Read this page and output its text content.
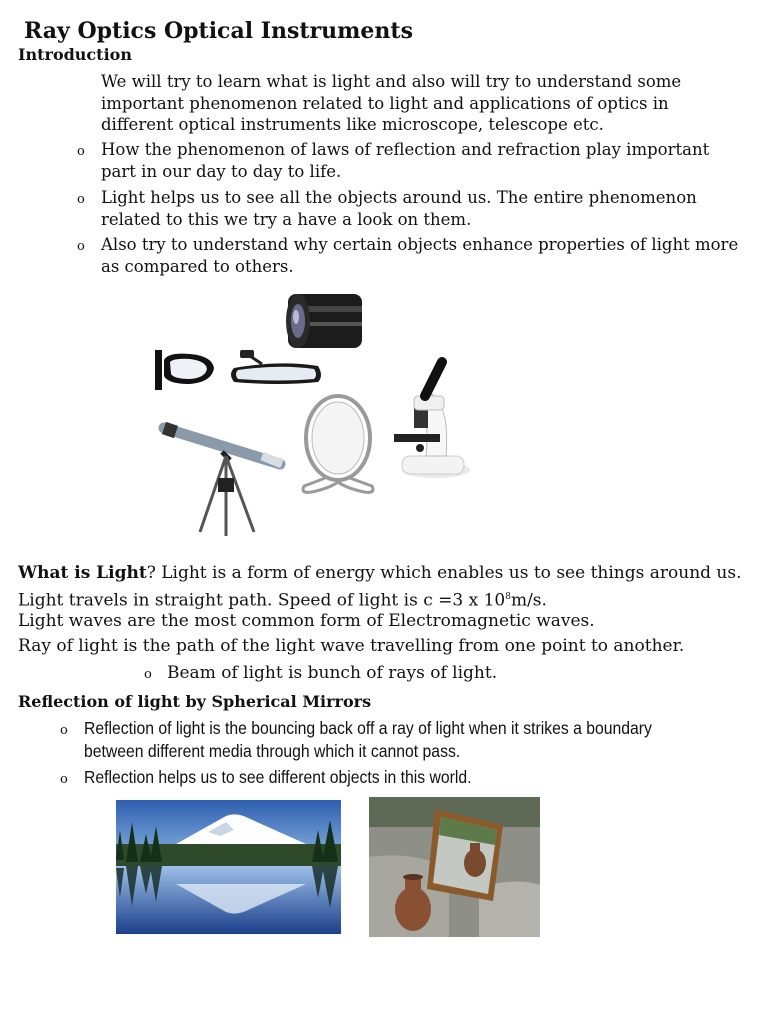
Ray Optics Optical Instruments
Introduction
We will try to learn what is light and also will try to understand some
important phenomenon related to light and applications of optics in
different optical instruments like microscope, telescope etc.
o How the phenomenon of laws of reflection and refraction play important
part in our day to day to life.
o Light helps us to see all the objects around us. The entire phenomenon
related to this we try a have a look on them.
o Also try to understand why certain objects enhance properties of light more
as compared to others.
What is Light? Light is a form of energy which enables us to see things around us.
Light travels in straight path. Speed of light is c =3 x $10^8m/s$.
Light waves are the most common form of Electromagnetic waves.
Ray of light is the path of the light wave travelling from one point to another.
o Beam of light is bunch of rays of light.
Reflection of light by Spherical Mirrors
o Reflection of light is the bouncing back off a ray of light when it strikes a boundary
between different media through which it cannot pass.
o Reflection helps us to see different objects in this world.
